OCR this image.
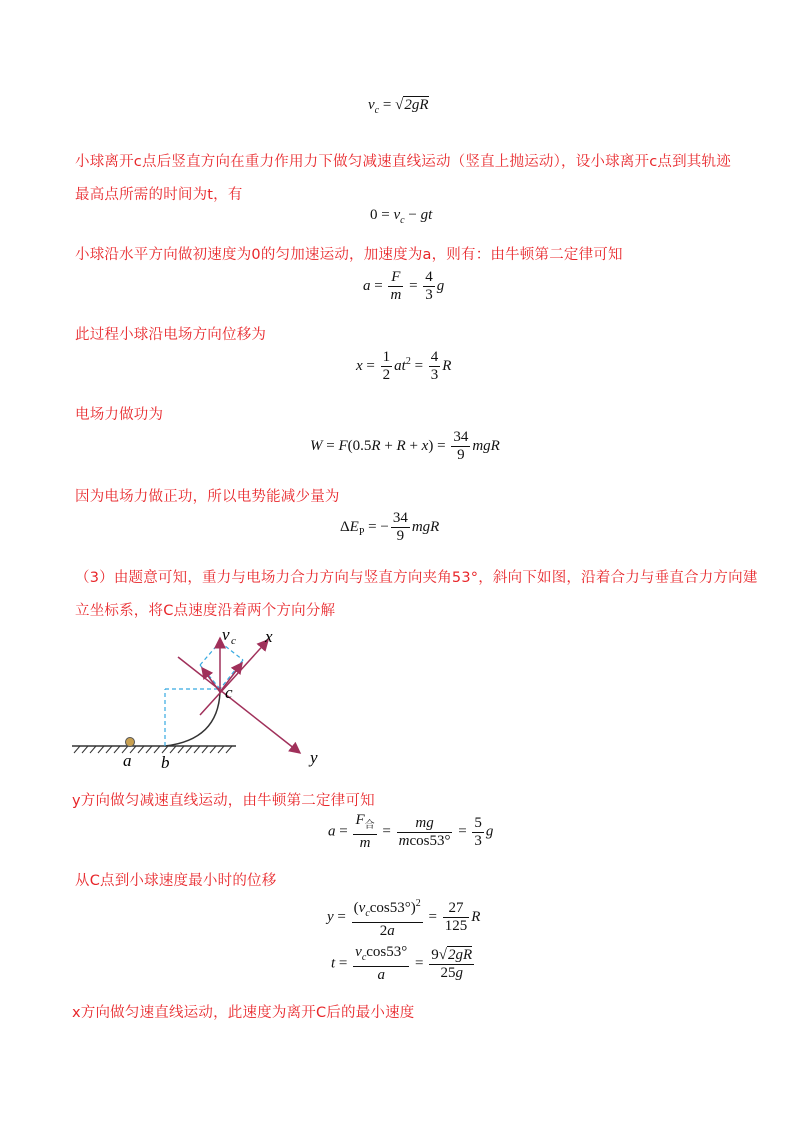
$v_c = √2gR$
小球离开c点后竖直方向在重力作用力下做匀减速直线运动（竖直上抛运动），设小球离开c点到其轨迹
最高点所需的时间为t，有
$0 = v_c$ − gt
小球沿水平方向做初速度为0的匀加速运动，加速度为a，则有：由牛顿第二定律可知
$a = \frac{F}{m} = \frac{4}{3}$ g
此过程小球沿电场方向位移为
$x = \frac{1}{2} at^2 = \frac{4}{3}$ R
电场力做功为
$W = F(0.5R + R + x) = \frac{34}{9}$ mgR
因为电场力做正功，所以电势能减少量为
$\Delta E_P$ = − $\frac{34}{9}$ mgR
（3）由题意可知，重力与电场力合力方向与竖直方向夹角53°，斜向下如图，沿着合力与垂直合力方向建
立坐标系，将C点速度沿着两个方向分解
v c x
y
c
a b
y方向做匀减速直线运动，由牛顿第二定律可知
$a = \frac{F_合}{m} = \frac{mg}{mcos53^\circ} = \frac{5}{3}$ g
从C点到小球速度最小时的位移
$y = \frac{(v_c\cos 53^\circ)^2}{2a} = \frac{27}{125}$ R
$t = \frac{v_c\cos 53^\circ}{a} = \frac{9√2gR}{25g}$
x方向做匀速直线运动，此速度为离开C后的最小速度
